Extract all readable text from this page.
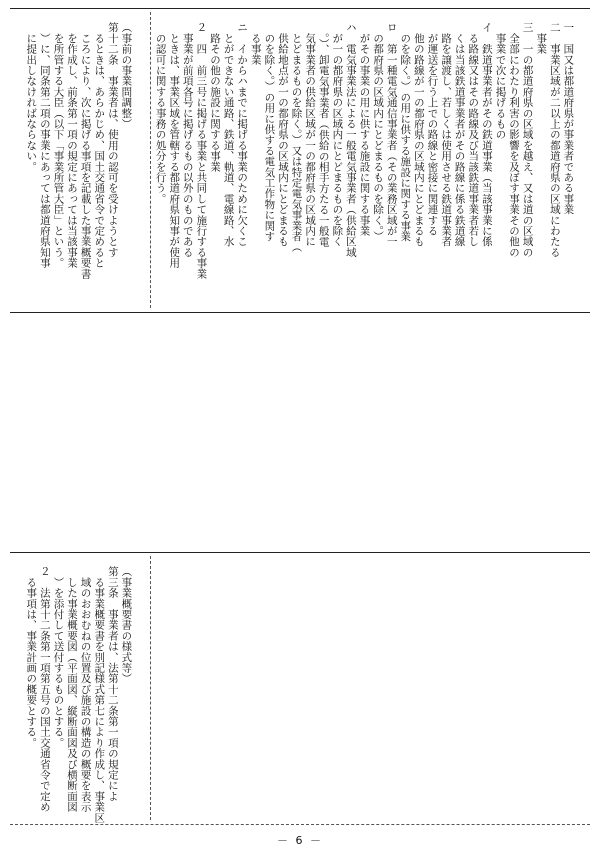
一　国又は都道府県が事業者である事業
二　事業区域が二以上の都道府県の区域にわたる
　事業
三　一の都道府県の区域を越え、又は道の区域の
　全部にわたり利害の影響を及ぼす事業その他の
　事業で次に掲げるもの
イ　鉄道事業者がその鉄道事業（当該事業に係
　る路線又はその路線及び当該鉄道事業者若し
　くは当該鉄道事業者がその路線に係る鉄道線
　路を譲渡し、若しくは使用させる鉄道事業者
　が運送を行う上での路線と密接に関連する
　他の路線が一の都府県の区域内にとどまるも
　のを除く。）の用に供する施設に関する事業
ロ　第一種電気通信事業者（その業務区域が一
　の都府県の区域内にとどまるものを除く。）
　がその事業の用に供する施設に関する事業
ハ　電気事業法による一般電気事業者（供給区域
　が一の都府県の区域内にとどまるものを除く
　。）、卸電気事業者（供給の相手方たる一般電
　気事業者の供給区域が一の都府県の区域内に
　とどまるものを除く。）又は特定電気事業者（
　供給地点が一の都府県の区域内にとどまるも
　のを除く。）の用に供する電気工作物に関す
　る事業
ニ　イからハまでに掲げる事業のために欠くこ
　とができない通路、鉄道、軌道、電線路、水
　路その他の施設に関する事業
２　四　前三号に掲げる事業と共同して施行する事業
　事業が前項各号に掲げるもの以外のものである
　ときは、事業区域を管轄する都道府県知事が使用
　の認可に関する事務の処分を行う。

（事前の事業問調整）
第十二条　事業者は、使用の認可を受けようとす
　るときは、あらかじめ、国土交通省令で定めると
　ころにより、次に掲げる事項を記載した事業概要書
　を作成し、前条第一項の規定にあっては当該事業
　を所管する大臣（以下「事業所管大臣」という。
　）に、同条第二項の事業にあっては都道府県知事
　に提出しなければならない。

（事業概要書の様式等）
第三条　事業者は、法第十二条第一項の規定によ
　る事業概要書を別記様式第七により作成し、事業区
　域のおおむねの位置及び施設の構造の概要を表示
　した事業概要図（平面図、縦断面図及び横断面図
　）を添付して送付するものとする。
２　法第十二条第一項第五号の国土交通省令で定め
　る事項は、事業計画の概要とする。

－ 6 －
